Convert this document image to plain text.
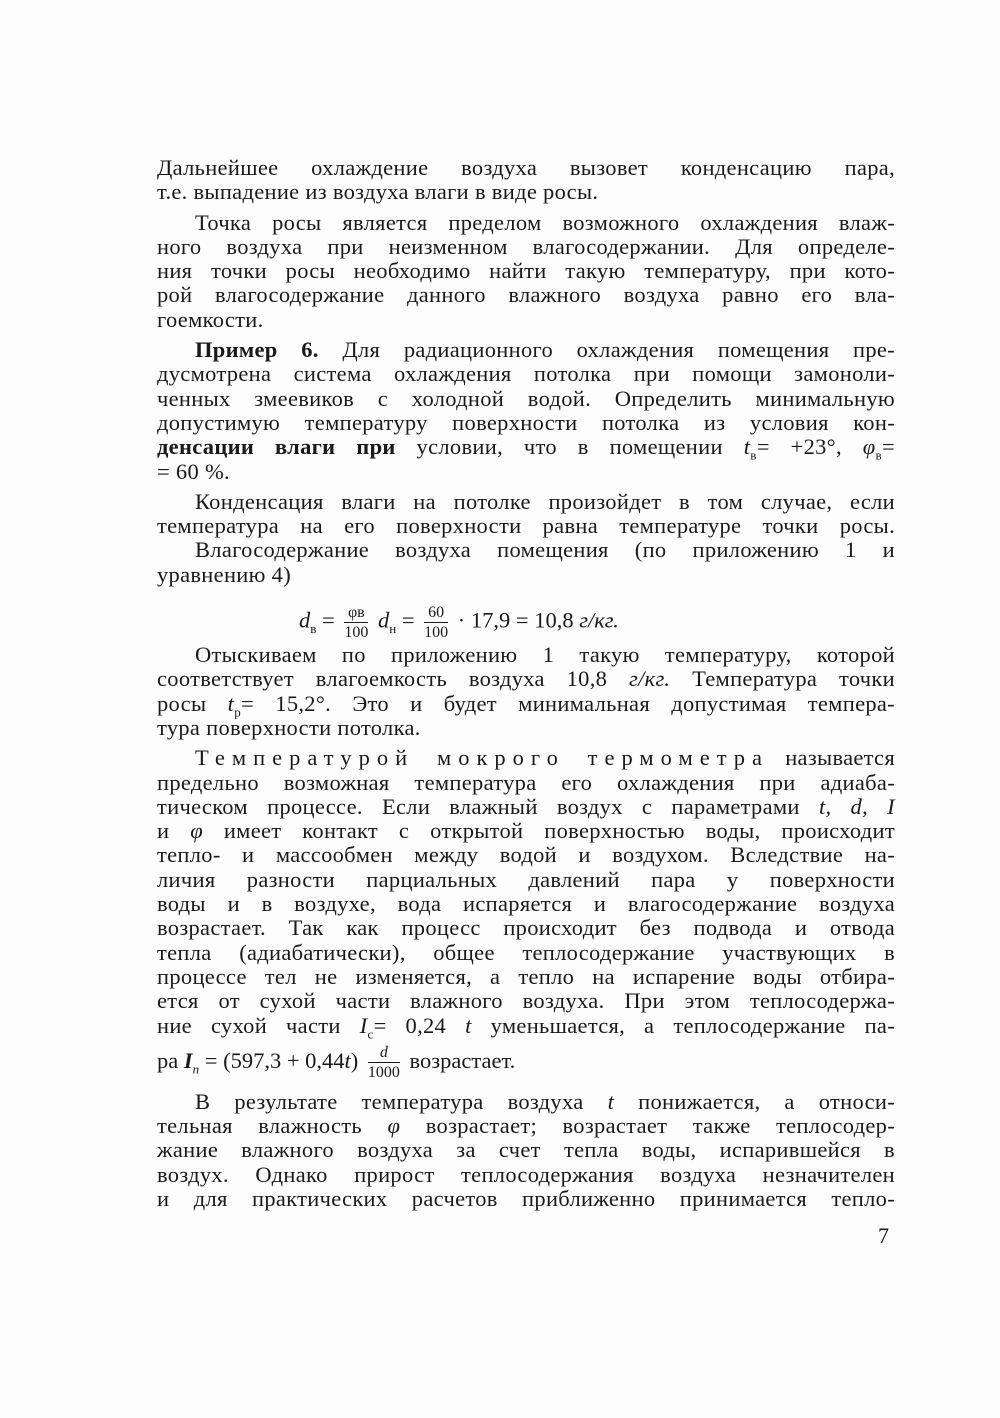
Дальнейшее охлаждение воздуха вызовет конденсацию пара,
т.е. выпадение из воздуха влаги в виде росы.
Точка росы является пределом возможного охлаждения влаж-
ного воздуха при неизменном влагосодержании. Для определе-
ния точки росы необходимо найти такую температуру, при кото-
рой влагосодержание данного влажного воздуха равно его вла-
гоемкости.
Пример 6. Для радиационного охлаждения помещения пре-
дусмотрена система охлаждения потолка при помощи замоноли-
ченных змеевиков с холодной водой. Определить минимальную
допустимую температуру поверхности потолка из условия кон-
денсации влаги при условии, что в помещении $t_в= +23^\circ$, $\varphi_в=$
= 60 %.
Конденсация влаги на потолке произойдет в том случае, если
температура на его поверхности равна температуре точки росы.
Влагосодержание воздуха помещения (по приложению 1 и
уравнению 4)
$d_в = \frac{\varphi в}{100} d_н = \frac{60}{100} \cdot 17,9 = 10,8$ г/кг.
Отыскиваем по приложению 1 такую температуру, которой
соответствует влагоемкость воздуха 10,8 г/кг. Температура точки
росы $t_р= 15,2^\circ$. Это и будет минимальная допустимая темпера-
тура поверхности потолка.
Температурой мокрого термометра называется
предельно возможная температура его охлаждения при адиаба-
тическом процессе. Если влажный воздух с параметрами t, d, I
и φ имеет контакт с открытой поверхностью воды, происходит
тепло- и массообмен между водой и воздухом. Вследствие на-
личия разности парциальных давлений пара у поверхности
воды и в воздухе, вода испаряется и влагосодержание воздуха
возрастает. Так как процесс происходит без подвода и отвода
тепла (адиабатически), общее теплосодержание участвующих в
процессе тел не изменяется, а тепло на испарение воды отбира-
ется от сухой части влажного воздуха. При этом теплосодержа-
ние сухой части $I_с= 0,24$ t уменьшается, а теплосодержание па-
ра $I_п = (597,3 + 0,44t) \frac{d}{1000}$ возрастает.
В результате температура воздуха t понижается, а относи-
тельная влажность φ возрастает; возрастает также теплосодер-
жание влажного воздуха за счет тепла воды, испарившейся в
воздух. Однако прирост теплосодержания воздуха незначителен
и для практических расчетов приближенно принимается тепло-
7
